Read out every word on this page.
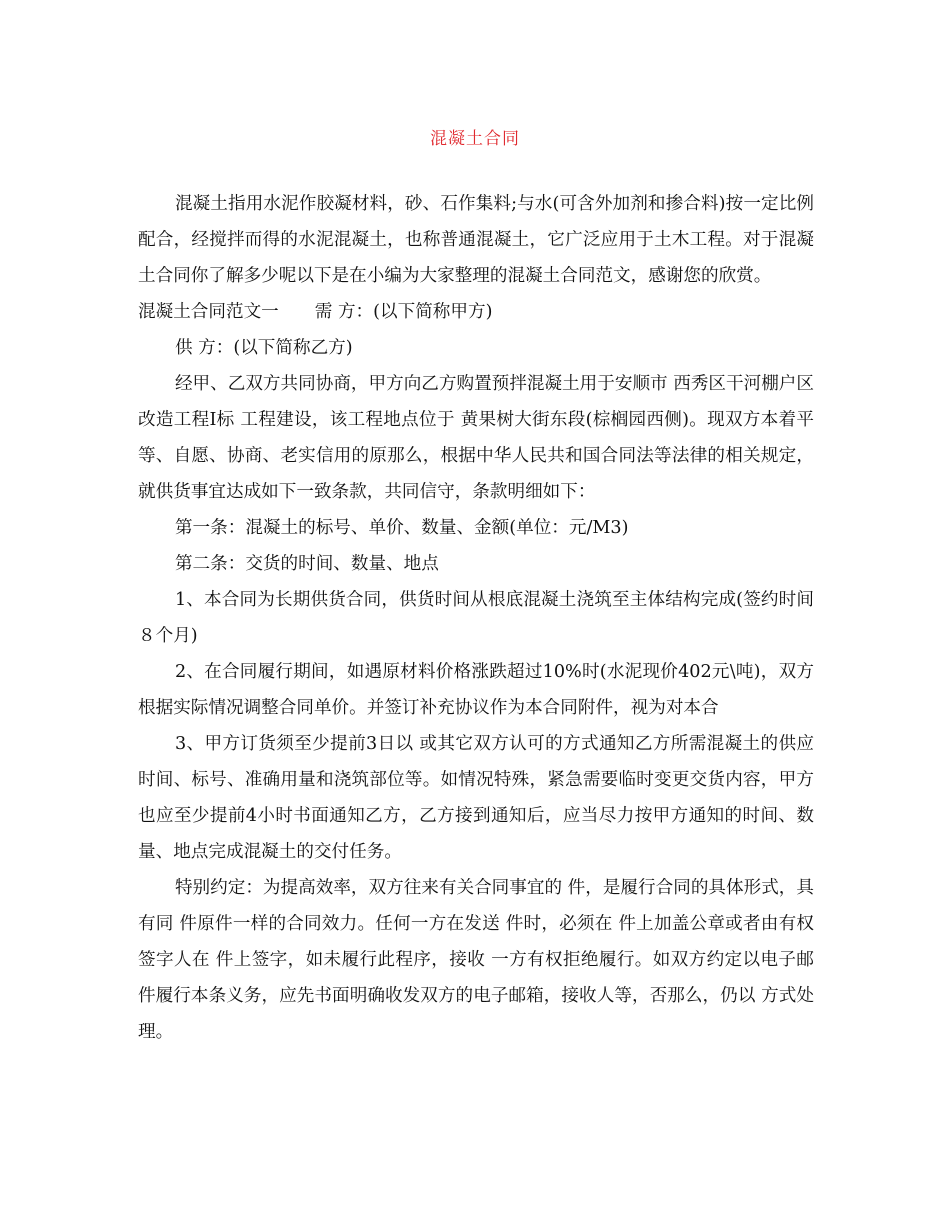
混凝土合同

混凝土指用水泥作胶凝材料，砂、石作集料;与水(可含外加剂和掺合料)按一定比例配合，经搅拌而得的水泥混凝土，也称普通混凝土，它广泛应用于土木工程。对于混凝土合同你了解多少呢以下是在小编为大家整理的混凝土合同范文，感谢您的欣赏。

混凝土合同范文一 需 方：(以下简称甲方)

供 方：(以下简称乙方)

经甲、乙双方共同协商，甲方向乙方购置预拌混凝土用于安顺市 西秀区干河棚户区改造工程Ⅰ标 工程建设，该工程地点位于 黄果树大街东段(棕榈园西侧)。现双方本着平等、自愿、协商、老实信用的原那么，根据中华人民共和国合同法等法律的相关规定，就供货事宜达成如下一致条款，共同信守，条款明细如下：

第一条：混凝土的标号、单价、数量、金额(单位：元/M3)

第二条：交货的时间、数量、地点

1、本合同为长期供货合同，供货时间从根底混凝土浇筑至主体结构完成(签约时间８个月)

2、在合同履行期间，如遇原材料价格涨跌超过10%时(水泥现价402元\吨)，双方根据实际情况调整合同单价。并签订补充协议作为本合同附件，视为对本合

3、甲方订货须至少提前3日以 或其它双方认可的方式通知乙方所需混凝土的供应时间、标号、准确用量和浇筑部位等。如情况特殊，紧急需要临时变更交货内容，甲方也应至少提前4小时书面通知乙方，乙方接到通知后，应当尽力按甲方通知的时间、数量、地点完成混凝土的交付任务。

特别约定：为提高效率，双方往来有关合同事宜的 件，是履行合同的具体形式，具有同 件原件一样的合同效力。任何一方在发送 件时，必须在 件上加盖公章或者由有权签字人在 件上签字，如未履行此程序，接收 一方有权拒绝履行。如双方约定以电子邮件履行本条义务，应先书面明确收发双方的电子邮箱，接收人等，否那么，仍以 方式处理。
